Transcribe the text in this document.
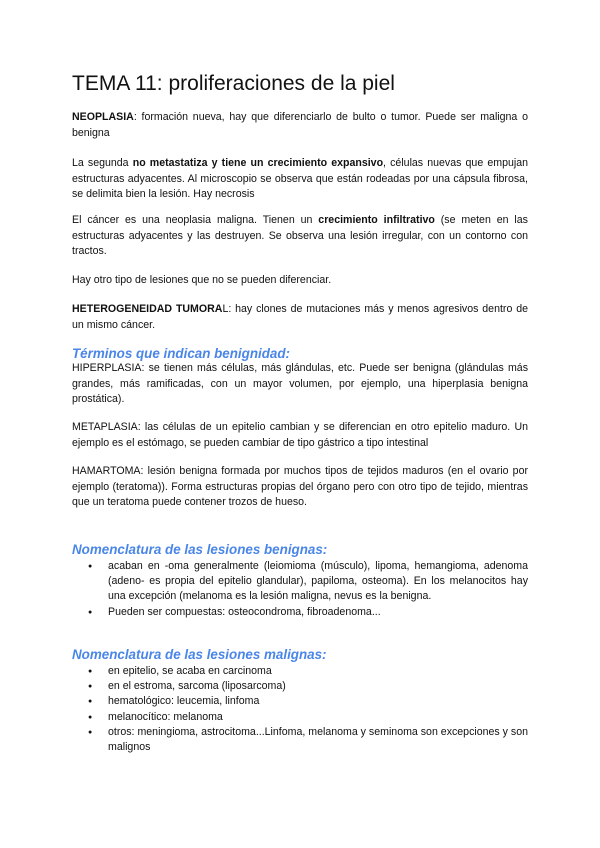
TEMA 11: proliferaciones de la piel

NEOPLASIA: formación nueva, hay que diferenciarlo de bulto o tumor. Puede ser maligna o benigna

La segunda no metastatiza y tiene un crecimiento expansivo, células nuevas que empujan estructuras adyacentes. Al microscopio se observa que están rodeadas por una cápsula fibrosa, se delimita bien la lesión. Hay necrosis

El cáncer es una neoplasia maligna. Tienen un crecimiento infiltrativo (se meten en las estructuras adyacentes y las destruyen. Se observa una lesión irregular, con un contorno con tractos.

Hay otro tipo de lesiones que no se pueden diferenciar.

HETEROGENEIDAD TUMORAL: hay clones de mutaciones más y menos agresivos dentro de un mismo cáncer.

Términos que indican benignidad:

HIPERPLASIA: se tienen más células, más glándulas, etc. Puede ser benigna (glándulas más grandes, más ramificadas, con un mayor volumen, por ejemplo, una hiperplasia benigna prostática).

METAPLASIA: las células de un epitelio cambian y se diferencian en otro epitelio maduro. Un ejemplo es el estómago, se pueden cambiar de tipo gástrico a tipo intestinal

HAMARTOMA: lesión benigna formada por muchos tipos de tejidos maduros (en el ovario por ejemplo (teratoma)). Forma estructuras propias del órgano pero con otro tipo de tejido, mientras que un teratoma puede contener trozos de hueso.

Nomenclatura de las lesiones benignas:
● acaban en -oma generalmente (leiomioma (músculo), lipoma, hemangioma, adenoma (adeno- es propia del epitelio glandular), papiloma, osteoma). En los melanocitos hay una excepción (melanoma es la lesión maligna, nevus es la benigna.
● Pueden ser compuestas: osteocondroma, fibroadenoma...
Nomenclatura de las lesiones malignas:
● en epitelio, se acaba en carcinoma
● en el estroma, sarcoma (liposarcoma)
● hematológico: leucemia, linfoma
● melanocítico: melanoma
● otros: meningioma, astrocitoma...Linfoma, melanoma y seminoma son excepciones y son malignos
